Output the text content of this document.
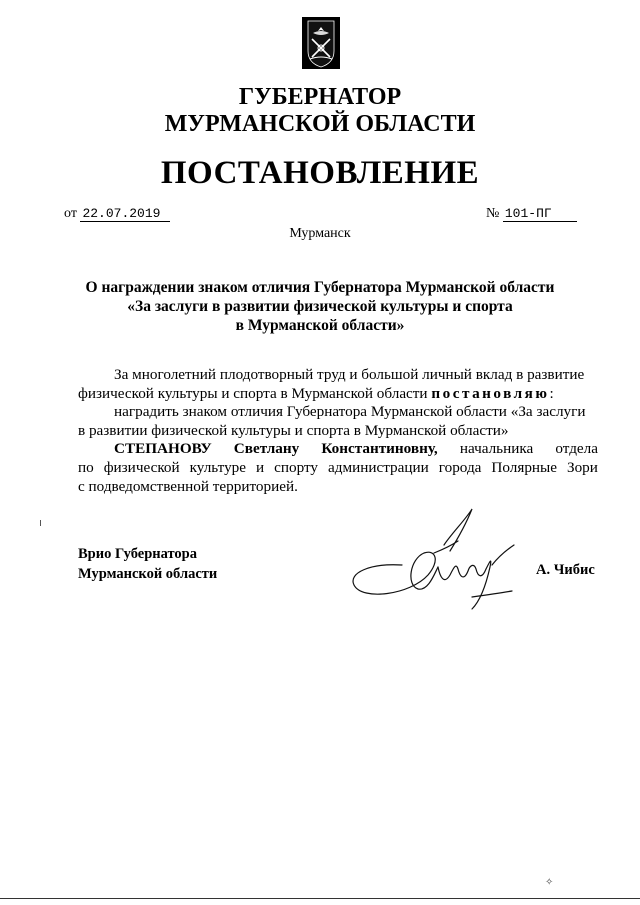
ГУБЕРНАТОР
МУРМАНСКОЙ ОБЛАСТИ
ПОСТАНОВЛЕНИЕ
от 22.07.2019	№ 101-ПГ
Мурманск
О награждении знаком отличия Губернатора Мурманской области
«За заслуги в развитии физической культуры и спорта
в Мурманской области»
За многолетний плодотворный труд и большой личный вклад в развитие
физической культуры и спорта в Мурманской области постановляю:
наградить знаком отличия Губернатора Мурманской области «За заслуги
в развитии физической культуры и спорта в Мурманской области»
СТЕПАНОВУ Светлану Константиновну, начальника отдела
по физической культуре и спорту администрации города Полярные Зори
с подведомственной территорией.
Врио Губернатора
Мурманской области	А. Чибис
✧
